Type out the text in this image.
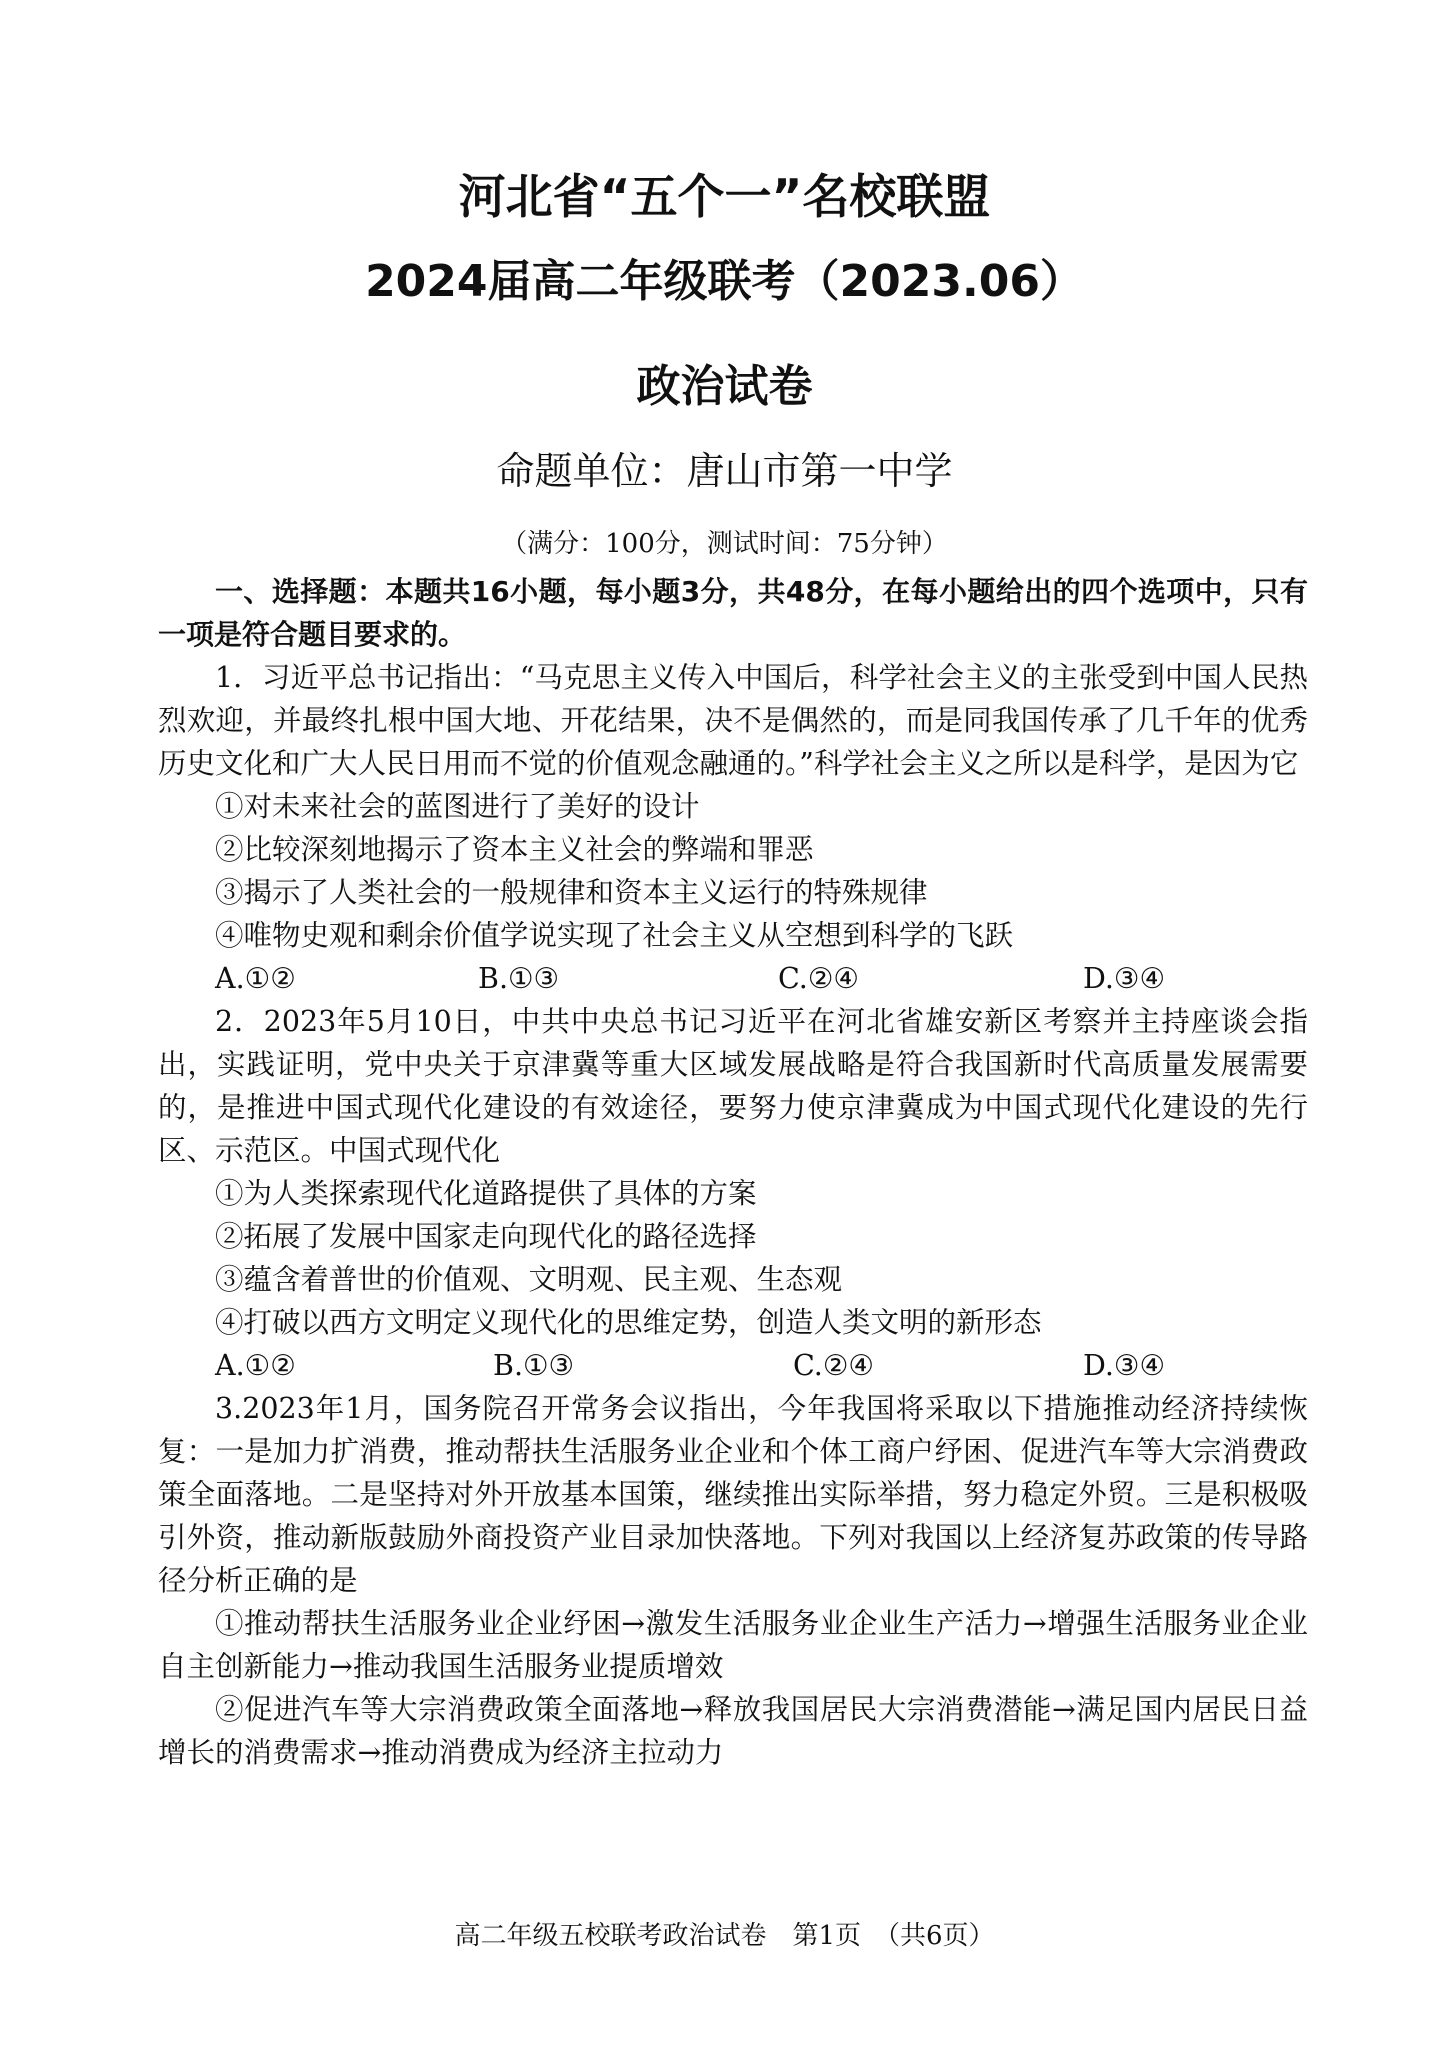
河北省“五个一”名校联盟
2024届高二年级联考（2023.06）
政治试卷
命题单位：唐山市第一中学
（满分：100分，测试时间：75分钟）

一、选择题：本题共16小题，每小题3分，共48分，在每小题给出的四个选项中，只有一项是符合题目要求的。

1．习近平总书记指出：“马克思主义传入中国后，科学社会主义的主张受到中国人民热烈欢迎，并最终扎根中国大地、开花结果，决不是偶然的，而是同我国传承了几千年的优秀历史文化和广大人民日用而不觉的价值观念融通的。”科学社会主义之所以是科学，是因为它

①对未来社会的蓝图进行了美好的设计

②比较深刻地揭示了资本主义社会的弊端和罪恶

③揭示了人类社会的一般规律和资本主义运行的特殊规律

④唯物史观和剩余价值学说实现了社会主义从空想到科学的飞跃

A.①②	B.①③	C.②④	D.③④

2．2023年5月10日，中共中央总书记习近平在河北省雄安新区考察并主持座谈会指出，实践证明，党中央关于京津冀等重大区域发展战略是符合我国新时代高质量发展需要的，是推进中国式现代化建设的有效途径，要努力使京津冀成为中国式现代化建设的先行区、示范区。中国式现代化

①为人类探索现代化道路提供了具体的方案

②拓展了发展中国家走向现代化的路径选择

③蕴含着普世的价值观、文明观、民主观、生态观

④打破以西方文明定义现代化的思维定势，创造人类文明的新形态

A.①②	B.①③	C.②④	D.③④

3.2023年1月，国务院召开常务会议指出，今年我国将采取以下措施推动经济持续恢复：一是加力扩消费，推动帮扶生活服务业企业和个体工商户纾困、促进汽车等大宗消费政策全面落地。二是坚持对外开放基本国策，继续推出实际举措，努力稳定外贸。三是积极吸引外资，推动新版鼓励外商投资产业目录加快落地。下列对我国以上经济复苏政策的传导路径分析正确的是

①推动帮扶生活服务业企业纾困→激发生活服务业企业生产活力→增强生活服务业企业自主创新能力→推动我国生活服务业提质增效

②促进汽车等大宗消费政策全面落地→释放我国居民大宗消费潜能→满足国内居民日益增长的消费需求→推动消费成为经济主拉动力

高二年级五校联考政治试卷　第1页　（共6页）
